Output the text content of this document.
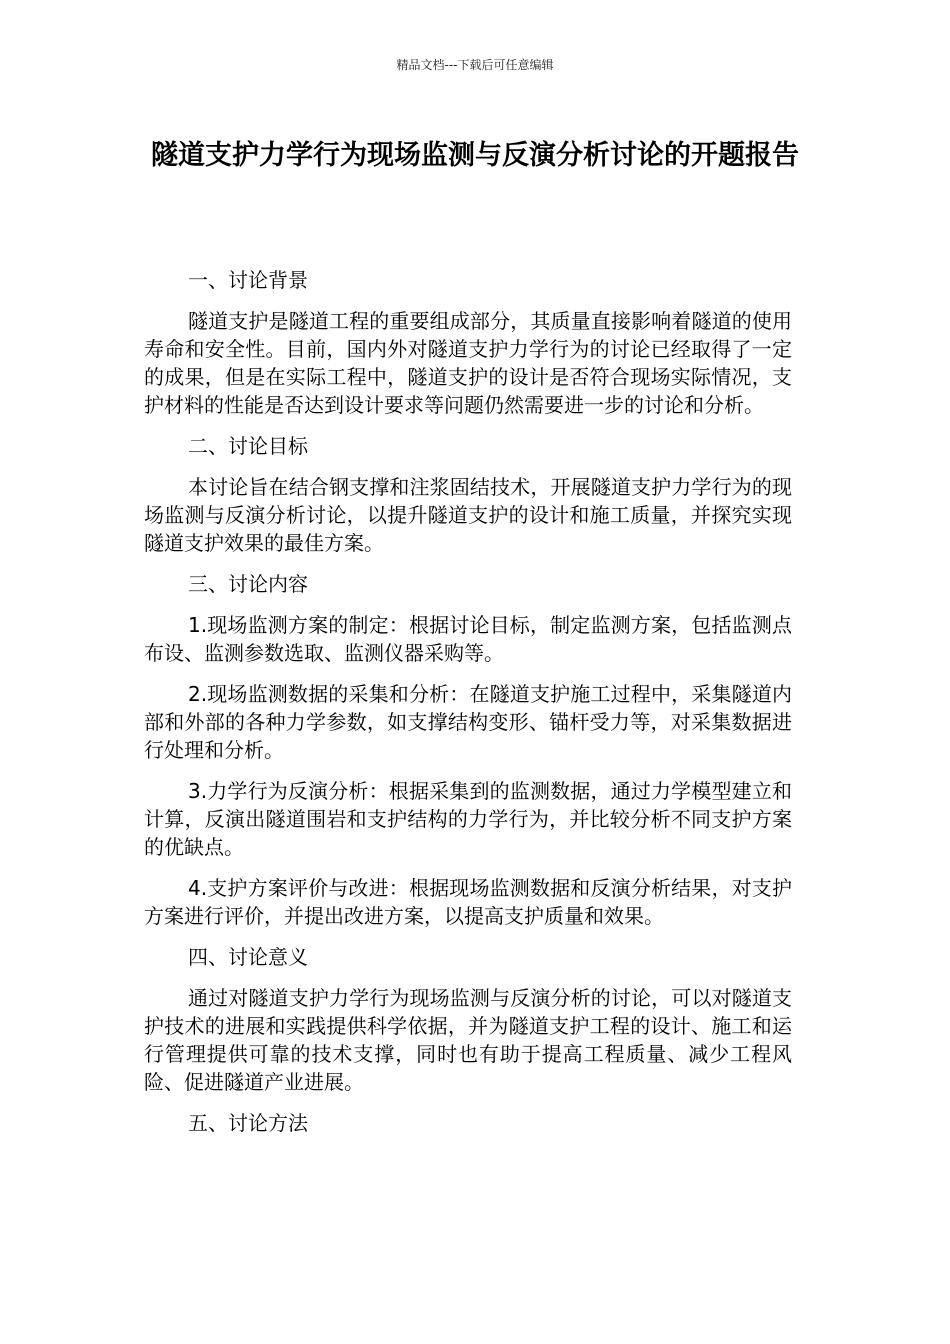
精品文档---下载后可任意编辑
隧道支护力学行为现场监测与反演分析讨论的开题报告
一、讨论背景
隧道支护是隧道工程的重要组成部分，其质量直接影响着隧道的使用寿命和安全性。目前，国内外对隧道支护力学行为的讨论已经取得了一定的成果，但是在实际工程中，隧道支护的设计是否符合现场实际情况，支护材料的性能是否达到设计要求等问题仍然需要进一步的讨论和分析。
二、讨论目标
本讨论旨在结合钢支撑和注浆固结技术，开展隧道支护力学行为的现场监测与反演分析讨论，以提升隧道支护的设计和施工质量，并探究实现隧道支护效果的最佳方案。
三、讨论内容
1.现场监测方案的制定：根据讨论目标，制定监测方案，包括监测点布设、监测参数选取、监测仪器采购等。
2.现场监测数据的采集和分析：在隧道支护施工过程中，采集隧道内部和外部的各种力学参数，如支撑结构变形、锚杆受力等，对采集数据进行处理和分析。
3.力学行为反演分析：根据采集到的监测数据，通过力学模型建立和计算，反演出隧道围岩和支护结构的力学行为，并比较分析不同支护方案的优缺点。
4.支护方案评价与改进：根据现场监测数据和反演分析结果，对支护方案进行评价，并提出改进方案，以提高支护质量和效果。
四、讨论意义
通过对隧道支护力学行为现场监测与反演分析的讨论，可以对隧道支护技术的进展和实践提供科学依据，并为隧道支护工程的设计、施工和运行管理提供可靠的技术支撑，同时也有助于提高工程质量、减少工程风险、促进隧道产业进展。
五、讨论方法
